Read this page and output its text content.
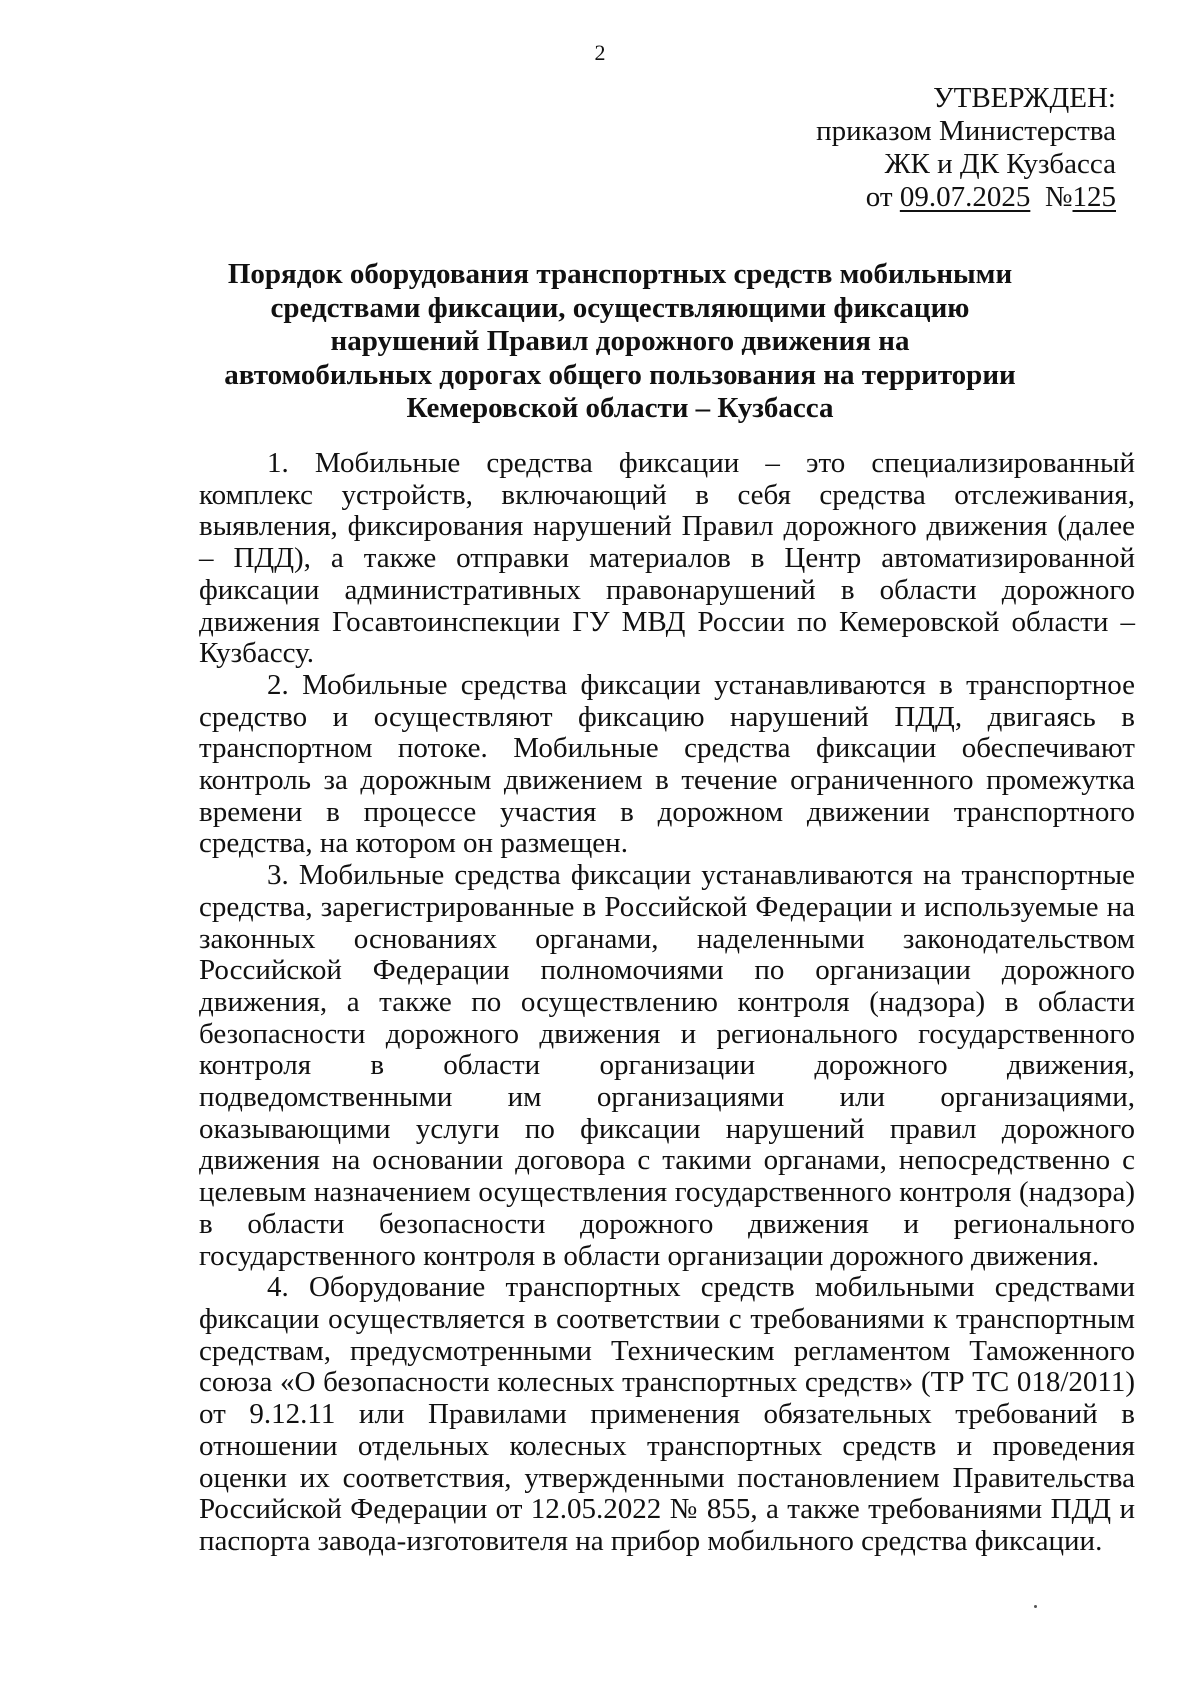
2
УТВЕРЖДЕН:
приказом Министерства
ЖК и ДК Кузбасса
от 09.07.2025 №125
Порядок оборудования транспортных средств мобильными
средствами фиксации, осуществляющими фиксацию
нарушений Правил дорожного движения на
автомобильных дорогах общего пользования на территории
Кемеровской области – Кузбасса

1. Мобильные средства фиксации – это специализированный комплекс устройств, включающий в себя средства отслеживания, выявления, фиксирования нарушений Правил дорожного движения (далее – ПДД), а также отправки материалов в Центр автоматизированной фиксации административных правонарушений в области дорожного движения Госавтоинспекции ГУ МВД России по Кемеровской области – Кузбассу.

2. Мобильные средства фиксации устанавливаются в транспортное средство и осуществляют фиксацию нарушений ПДД, двигаясь в транспортном потоке. Мобильные средства фиксации обеспечивают контроль за дорожным движением в течение ограниченного промежутка времени в процессе участия в дорожном движении транспортного средства, на котором он размещен.

3. Мобильные средства фиксации устанавливаются на транспортные средства, зарегистрированные в Российской Федерации и используемые на законных основаниях органами, наделенными законодательством Российской Федерации полномочиями по организации дорожного движения, а также по осуществлению контроля (надзора) в области безопасности дорожного движения и регионального государственного контроля в области организации дорожного движения, подведомственными им организациями или организациями, оказывающими услуги по фиксации нарушений правил дорожного движения на основании договора с такими органами, непосредственно с целевым назначением осуществления государственного контроля (надзора) в области безопасности дорожного движения и регионального государственного контроля в области организации дорожного движения.

4. Оборудование транспортных средств мобильными средствами фиксации осуществляется в соответствии с требованиями к транспортным средствам, предусмотренными Техническим регламентом Таможенного союза «О безопасности колесных транспортных средств» (ТР ТС 018/2011) от 9.12.11 или Правилами применения обязательных требований в отношении отдельных колесных транспортных средств и проведения оценки их соответствия, утвержденными постановлением Правительства Российской Федерации от 12.05.2022 № 855, а также требованиями ПДД и паспорта завода-изготовителя на прибор мобильного средства фиксации.
